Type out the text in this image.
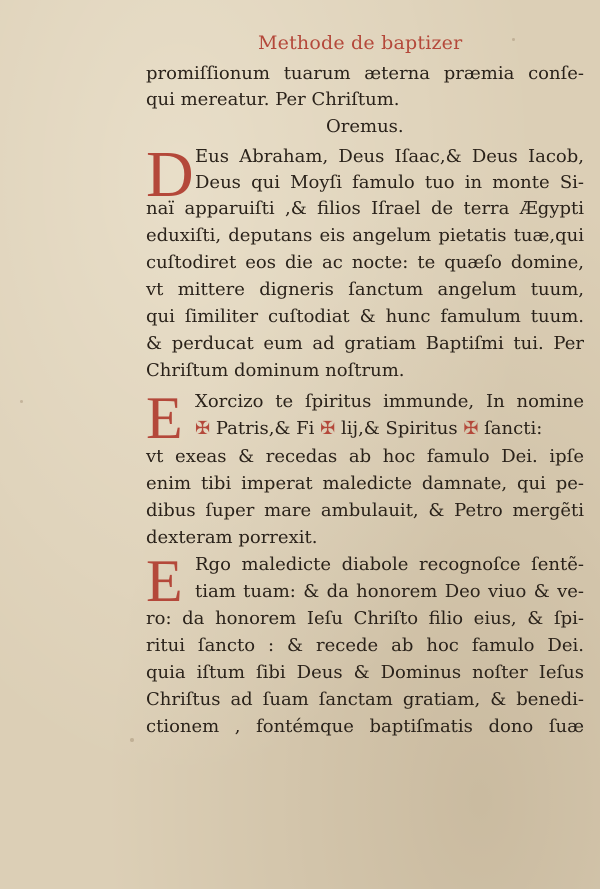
Methode de baptizer
promiſſionum tuarum æterna præmia conſe-
qui mereatur. Per Chriſtum.
Oremus.
D Eus Abraham, Deus Iſaac,& Deus Iacob,
Deus qui Moyſi famulo tuo in monte Si-
naï apparuiſti ,& filios Iſrael de terra Ægypti
eduxiſti, deputans eis angelum pietatis tuæ,qui
cuſtodiret eos die ac nocte: te quæſo domine,
vt mittere digneris ſanctum angelum tuum,
qui ſimiliter cuſtodiat & hunc famulum tuum.
& perducat eum ad gratiam Baptiſmi tui. Per
Chriſtum dominum noſtrum.
E Xorcizo te ſpiritus immunde, In nomine
✠ Patris,& Fi ✠ lij,& Spiritus ✠ ſancti:
vt exeas & recedas ab hoc famulo Dei. ipſe
enim tibi imperat maledicte damnate, qui pe-
dibus ſuper mare ambulauit, & Petro mergẽti
dexteram porrexit.
E Rgo maledicte diabole recognoſce ſentẽ-
tiam tuam: & da honorem Deo viuo & ve-
ro: da honorem Ieſu Chriſto filio eius, & ſpi-
ritui ſancto : & recede ab hoc famulo Dei.
quia iſtum ſibi Deus & Dominus noſter Ieſus
Chriſtus ad ſuam ſanctam gratiam, & benedi-
ctionem , fontémque baptiſmatis dono ſuæ
